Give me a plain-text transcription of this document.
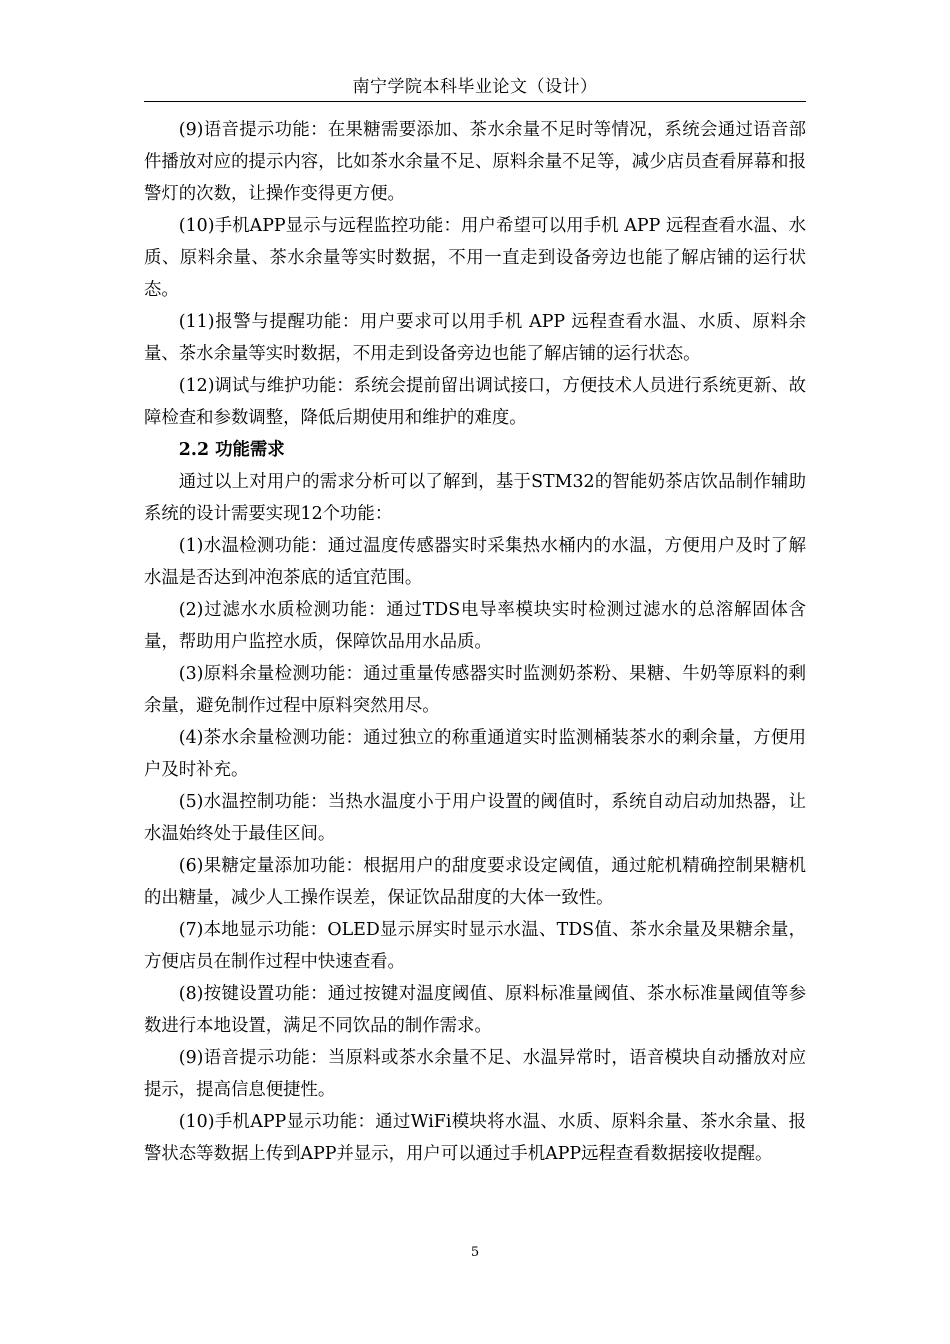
南宁学院本科毕业论文（设计）

(9)语音提示功能：在果糖需要添加、茶水余量不足时等情况，系统会通过语音部件播放对应的提示内容，比如茶水余量不足、原料余量不足等，减少店员查看屏幕和报警灯的次数，让操作变得更方便。

(10)手机APP显示与远程监控功能：用户希望可以用手机 APP 远程查看水温、水质、原料余量、茶水余量等实时数据，不用一直走到设备旁边也能了解店铺的运行状态。

(11)报警与提醒功能：用户要求可以用手机 APP 远程查看水温、水质、原料余量、茶水余量等实时数据，不用走到设备旁边也能了解店铺的运行状态。

(12)调试与维护功能：系统会提前留出调试接口，方便技术人员进行系统更新、故障检查和参数调整，降低后期使用和维护的难度。

2.2 功能需求

通过以上对用户的需求分析可以了解到，基于STM32的智能奶茶店饮品制作辅助系统的设计需要实现12个功能：

(1)水温检测功能：通过温度传感器实时采集热水桶内的水温，方便用户及时了解水温是否达到冲泡茶底的适宜范围。

(2)过滤水水质检测功能：通过TDS电导率模块实时检测过滤水的总溶解固体含量，帮助用户监控水质，保障饮品用水品质。

(3)原料余量检测功能：通过重量传感器实时监测奶茶粉、果糖、牛奶等原料的剩余量，避免制作过程中原料突然用尽。

(4)茶水余量检测功能：通过独立的称重通道实时监测桶装茶水的剩余量，方便用户及时补充。

(5)水温控制功能：当热水温度小于用户设置的阈值时，系统自动启动加热器，让水温始终处于最佳区间。

(6)果糖定量添加功能：根据用户的甜度要求设定阈值，通过舵机精确控制果糖机的出糖量，减少人工操作误差，保证饮品甜度的大体一致性。

(7)本地显示功能：OLED显示屏实时显示水温、TDS值、茶水余量及果糖余量，方便店员在制作过程中快速查看。

(8)按键设置功能：通过按键对温度阈值、原料标准量阈值、茶水标准量阈值等参数进行本地设置，满足不同饮品的制作需求。

(9)语音提示功能：当原料或茶水余量不足、水温异常时，语音模块自动播放对应提示，提高信息便捷性。

(10)手机APP显示功能：通过WiFi模块将水温、水质、原料余量、茶水余量、报警状态等数据上传到APP并显示，用户可以通过手机APP远程查看数据接收提醒。

5
